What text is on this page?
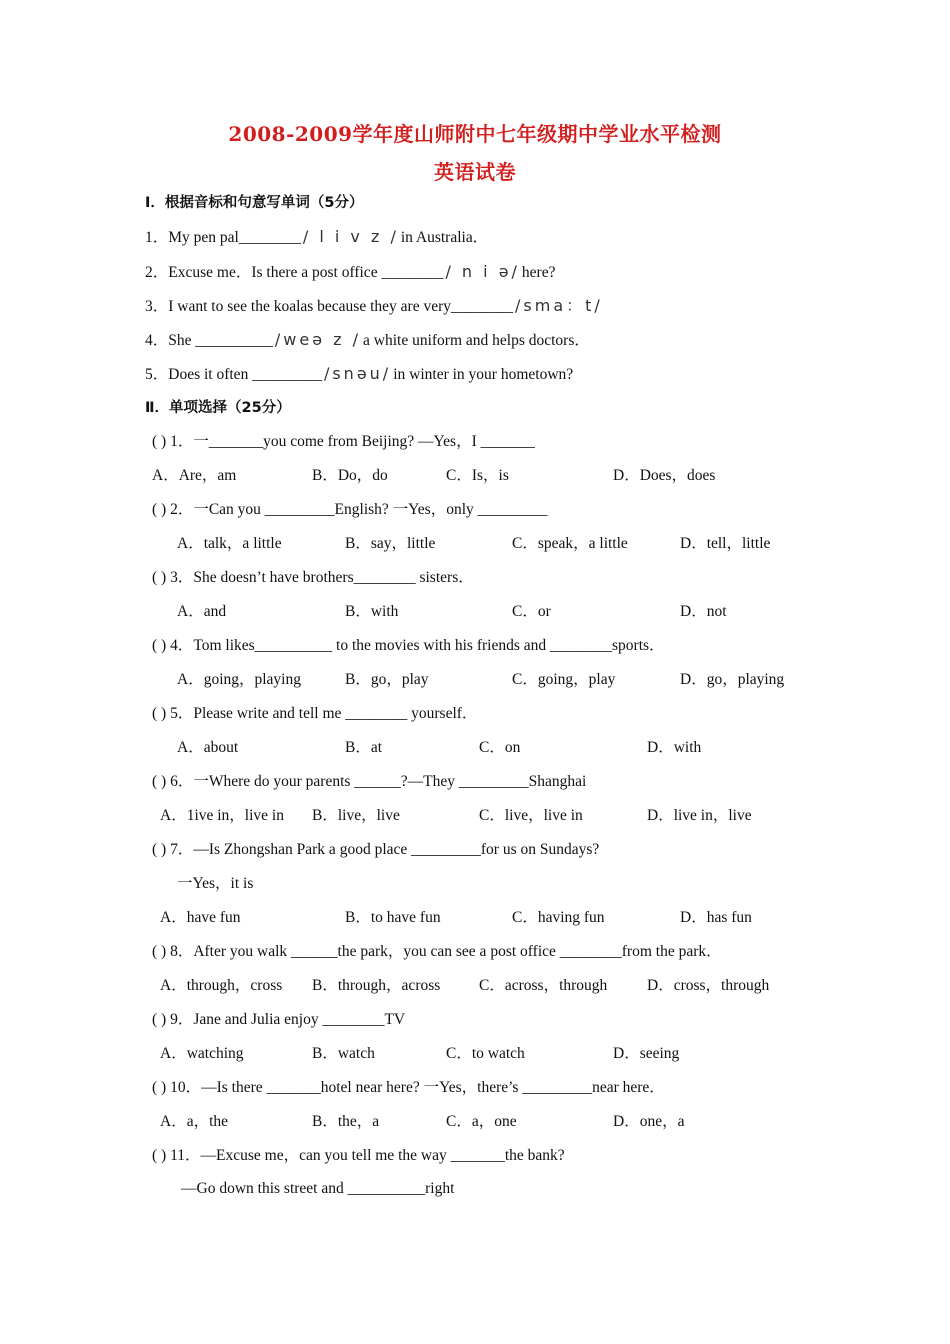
2008-2009学年度山师附中七年级期中学业水平检测
英语试卷
Ⅰ．根据音标和句意写单词（5分）
1．My pen pal________ / l i v z / in Australia．
2．Excuse me．Is there a post office ________ / n i ə/ here?
3．I want to see the koalas because they are very________ /sma：t/
4．She __________ /weə z / a white uniform and helps doctors．
5．Does it often _________ /snəu/ in winter in your hometown?
Ⅱ．单项选择（25分）
( ) 1．一_______you come from Beijing? —Yes，I _______
A．Are，am	B．Do，do	C．Is，is	D．Does，does
( ) 2．一Can you _________English? 一Yes，only _________
A．talk，a little	B．say，little	C．speak，a little	D．tell，little
( ) 3．She doesn’t have brothers________ sisters．
A．and	B．with	C．or	D．not
( ) 4．Tom likes__________ to the movies with his friends and ________sports．
A．going，playing	B．go，play	C．going，play	D．go，playing
( ) 5．Please write and tell me ________ yourself．
A．about	B．at	C．on	D．with
( ) 6．一Where do your parents ______?—They _________Shanghai
A．1ive in，live in B．live，live	C．live，live in	D．live in，live
( ) 7．—Is Zhongshan Park a good place _________for us on Sundays?
一Yes，it is
A．have fun	B．to have fun	C．having fun	D．has fun
( ) 8．After you walk ______the park，you can see a post office ________from the park．
A．through，cross B．through，across C．across，through	D．cross，through
( ) 9．Jane and Julia enjoy ________TV
A．watching	B．watch	C．to watch	D．seeing
( ) 10．—Is there _______hotel near here? 一Yes，there’s _________near here．
A．a，the	B．the，a	C．a，one	D．one，a
( ) 11．—Excuse me，can you tell me the way _______the bank?
—Go down this street and __________right
